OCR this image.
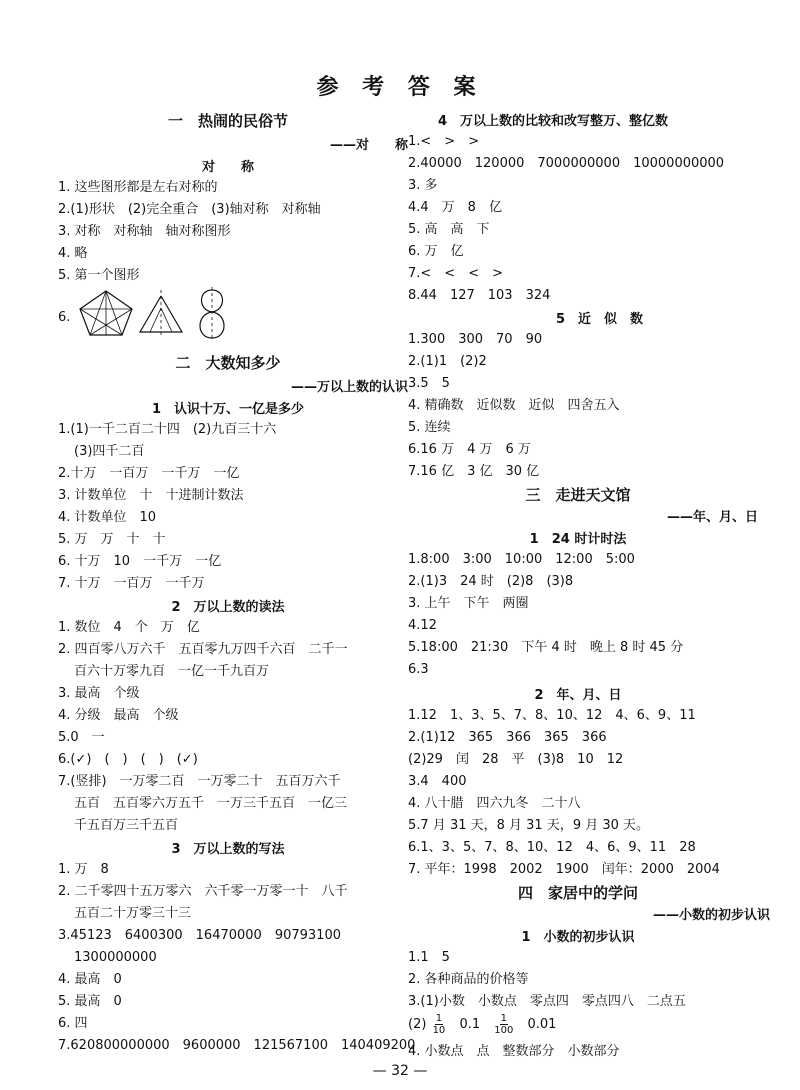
参 考 答 案
一　热闹的民俗节
——对　　称
对　　称
1. 这些图形都是左右对称的
2.(1)形状　(2)完全重合　(3)轴对称　对称轴
3. 对称　对称轴　轴对称图形
4. 略
5. 第一个图形
6.
二　大数知多少
——万以上数的认识
1　认识十万、一亿是多少
1.(1)一千二百二十四　(2)九百三十六
(3)四千二百
2.十万　一百万　一千万　一亿
3. 计数单位　十　十进制计数法
4. 计数单位　10
5. 万　万　十　十
6. 十万　10　一千万　一亿
7. 十万　一百万　一千万
2　万以上数的读法
1. 数位　4　个　万　亿
2. 四百零八万六千　五百零九万四千六百　二千一
百六十万零九百　一亿一千九百万
3. 最高　个级
4. 分级　最高　个级
5.0　一
6.(✓)　(　)　(　)　(✓)
7.(竖排)　一万零二百　一万零二十　五百万六千
五百　五百零六万五千　一万三千五百　一亿三
千五百万三千五百
3　万以上数的写法
1. 万　8
2. 二千零四十五万零六　六千零一万零一十　八千
五百二十万零三十三
3.45123　6400300　16470000　90793100
1300000000
4. 最高　0
5. 最高　0
6. 四
7.620800000000　9600000　121567100　140409200
4　万以上数的比较和改写整万、整亿数
1.<　>　>
2.40000　120000　7000000000　10000000000
3. 多
4.4　万　8　亿
5. 高　高　下
6. 万　亿
7.<　<　<　>
8.44　127　103　324
5　近　似　数
1.300　300　70　90
2.(1)1　(2)2
3.5　5
4. 精确数　近似数　近似　四舍五入
5. 连续
6.16 万　4 万　6 万
7.16 亿　3 亿　30 亿
三　走进天文馆
——年、月、日
1　24 时计时法
1.8:00　3:00　10:00　12:00　5:00
2.(1)3　24 时　(2)8　(3)8
3. 上午　下午　两圈
4.12
5.18:00　21:30　下午 4 时　晚上 8 时 45 分
6.3
2　年、月、日
1.12　1、3、5、7、8、10、12　4、6、9、11
2.(1)12　365　366　365　366
(2)29　闰　28　平　(3)8　10　12
3.4　400
4. 八十腊　四六九冬　二十八
5.7 月 31 天，8 月 31 天，9 月 30 天。
6.1、3、5、7、8、10、12　4、6、9、11　28
7. 平年：1998　2002　1900　闰年：2000　2004
四　家居中的学问
——小数的初步认识
1　小数的初步认识
1.1　5
2. 各种商品的价格等
3.(1)小数　小数点　零点四　零点四八　二点五
$(2) \frac{1}{10} 0.1 \frac{1}{100} 0.01$
4. 小数点　点　整数部分　小数部分
— 32 —
